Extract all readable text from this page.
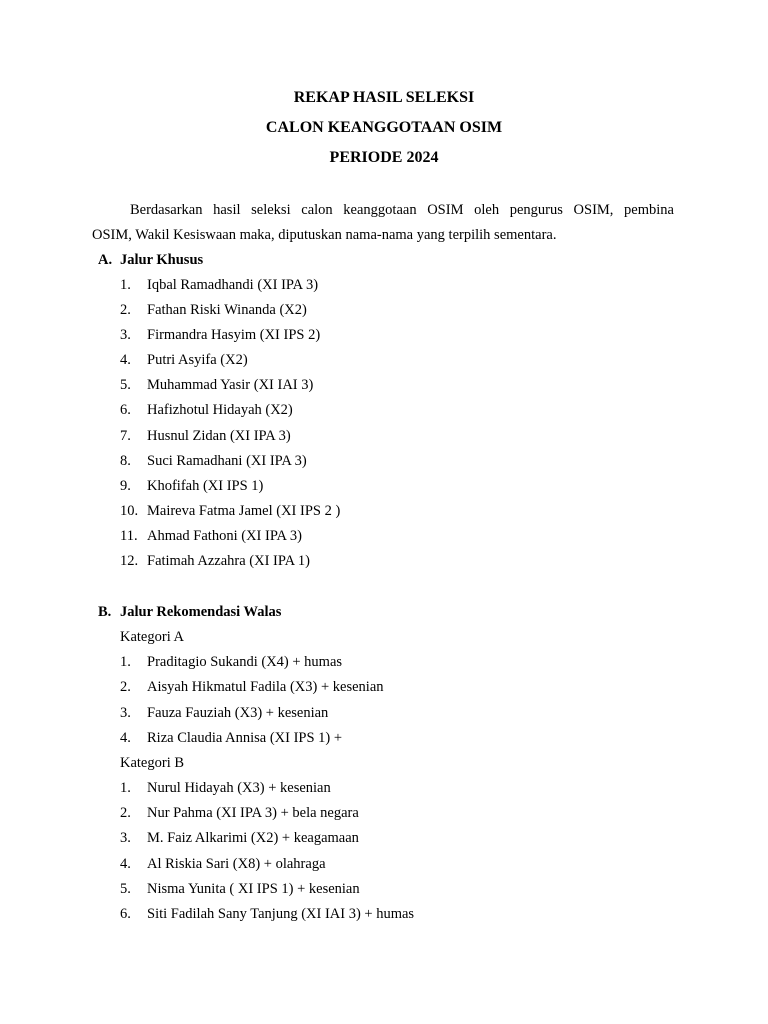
REKAP HASIL SELEKSI
CALON KEANGGOTAAN OSIM
PERIODE 2024
Berdasarkan hasil seleksi calon keanggotaan OSIM oleh pengurus OSIM, pembina
OSIM, Wakil Kesiswaan maka, diputuskan nama-nama yang terpilih sementara.
A. Jalur Khusus
1. Iqbal Ramadhandi (XI IPA 3)
2. Fathan Riski Winanda (X2)
3. Firmandra Hasyim (XI IPS 2)
4. Putri Asyifa (X2)
5. Muhammad Yasir (XI IAI 3)
6. Hafizhotul Hidayah (X2)
7. Husnul Zidan (XI IPA 3)
8. Suci Ramadhani (XI IPA 3)
9. Khofifah (XI IPS 1)
10. Maireva Fatma Jamel (XI IPS 2 )
11. Ahmad Fathoni (XI IPA 3)
12. Fatimah Azzahra (XI IPA 1)
B. Jalur Rekomendasi Walas
Kategori A
1. Praditagio Sukandi (X4) + humas
2. Aisyah Hikmatul Fadila (X3) + kesenian
3. Fauza Fauziah (X3) + kesenian
4. Riza Claudia Annisa (XI IPS 1) +
Kategori B
1. Nurul Hidayah (X3) + kesenian
2. Nur Pahma (XI IPA 3) + bela negara
3. M. Faiz Alkarimi (X2) + keagamaan
4. Al Riskia Sari (X8) + olahraga
5. Nisma Yunita ( XI IPS 1) + kesenian
6. Siti Fadilah Sany Tanjung (XI IAI 3) + humas
